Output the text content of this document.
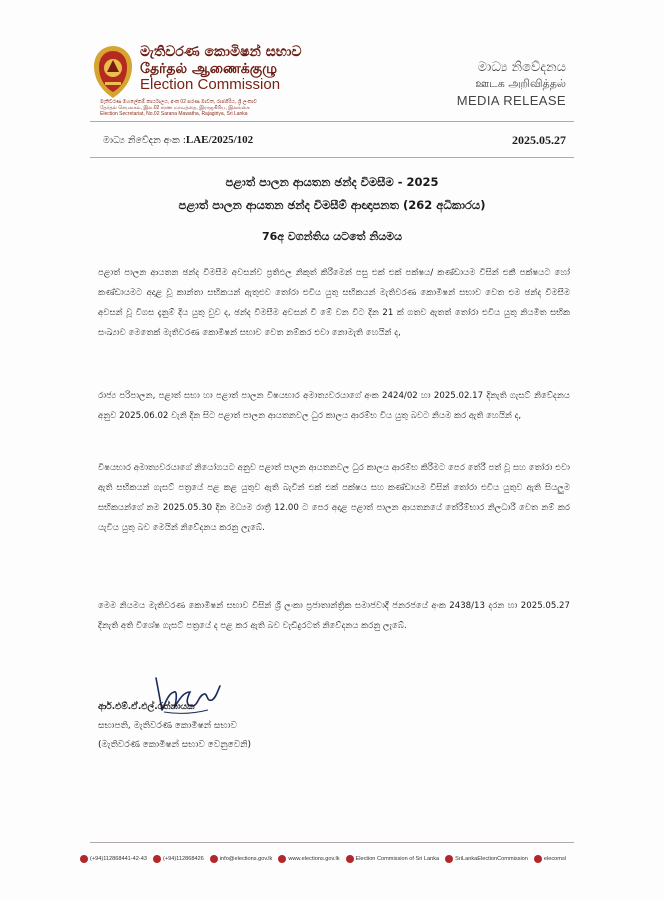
මැතිවරණ කොමිෂන් සභාව
தேர்தல் ஆணைக்குழு
Election Commission
මැතිවරණ මහලේකම් කාර්යාලය, අංක 02 සරණ මාවත, රාජගිරිය, ශ්‍රී ලංකාව
தேர்தல் செயலகம், இல.02 சரண மாவத்தை, இராஜகிரிய, இலங்கை
Election Secretariat, No.02 Sarana Mawatha, Rajagiriya, Sri Lanka
මාධ්‍ය නිවේදනය
ஊடக அறிவித்தல்
MEDIA RELEASE
මාධ්‍ය නිවේදන අංක :LAE/2025/102	2025.05.27
පළාත් පාලන ආයතන ඡන්ද විමසීම - 2025
පළාත් පාලන ආයතන ඡන්ද විමසීම් ආඥාපනත (262 අධිකාරය)
76අ වගන්තිය යටතේ නියමය

පළාත් පාලන ආයතන ඡන්ද විමසීම අවසන්ව ප්‍රතිඵල නිකුත් කිරීමෙන් පසු එක් එක් පක්ෂය/ කණ්ඩායම විසින් එකී පක්ෂයට හෝ කණ්ඩායමට අදාළ වූ කාන්තා සභිකයන් ඇතුළුව තෝරා එවිය යුතු සභිකයන් මැතිවරණ කොමිෂන් සභාව වෙත එම ඡන්ද විමසීම අවසන් වූ විගස දැනුම් දිය යුතු වුව ද, ඡන්ද විමසීම අවසන් වී මේ වන විට දින 21 ක් ගතව ඇතත් තෝරා එවිය යුතු නියමිත සභික සංඛ්‍යාව මෙතෙක් මැතිවරණ කොමිෂන් සභාව වෙත නම්කර එවා නොමැති හෙයින් ද,

රාජ්‍ය පරිපාලන, පළාත් සභා හා පළාත් පාලන විෂයභාර අමාත්‍යවරයාගේ අංක 2424/02 හා 2025.02.17 දිනැති ගැසට් නිවේදනය අනුව 2025.06.02 වැනි දින සිට පළාත් පාලන ආයතනවල ධුර කාලය ආරම්භ විය යුතු බවට නියම කර ඇති හෙයින් ද,

විෂයභාර අමාත්‍යවරයාගේ නියෝගයට අනුව පළාත් පාලන ආයතනවල ධුර කාලය ආරම්භ කිරීමට පෙර තේරී පත් වූ සහ තෝරා එවා ඇති සභිකයන් ගැසට් පත්‍රයේ පළ කළ යුතුව ඇති බැවින් එක් එක් පක්ෂය සහ කණ්ඩායම විසින් තෝරා එවිය යුතුව ඇති සියලුම සභිකයන්ගේ නම 2025.05.30 දින මධ්‍යම රාත්‍රී 12.00 ට පෙර අදාළ පළාත් පාලන ආයතනයේ තේරීම්භාර නිලධාරී වෙත නම් කර යැවිය යුතු බව මෙයින් නිවේදනය කරනු ලැබේ.

මෙම නියමය මැතිවරණ කොමිෂන් සභාව විසින් ශ්‍රී ලංකා ප්‍රජාතාන්ත්‍රික සමාජවාදී ජනරජයේ අංක 2438/13 දරන හා 2025.05.27 දිනැති අති විශේෂ ගැසට් පත්‍රයේ ද පළ කර ඇති බව වැඩිදුරටත් නිවේදනය කරනු ලැබේ.

ආර්.එම්.ඒ.එල්.රත්නායක
සභාපති, මැතිවරණ කොමිෂන් සභාව
(මැතිවරණ කොමිෂන් සභාව වෙනුවෙනි)
(+94)112868441-42-43	(+94)112868426	info@elections.gov.lk	www.elections.gov.lk	Election Commission of Sri Lanka	SriLankaElectionCommission	elecomsl
